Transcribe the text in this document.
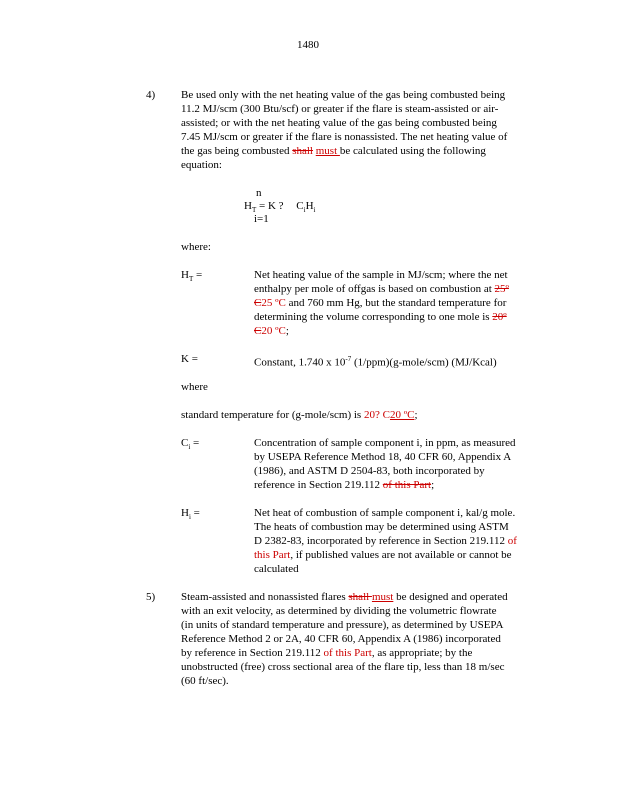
1480
4) Be used only with the net heating value of the gas being combusted being
11.2 MJ/scm (300 Btu/scf) or greater if the flare is steam-assisted or air-
assisted; or with the net heating value of the gas being combusted being
7.45 MJ/scm or greater if the flare is nonassisted. The net heating value of
the gas being combusted shall must be calculated using the following
equation:
n
$H_T = K$ ? $C_iH_i$
i=1
where:
$H_T$ =	Net heating value of the sample in MJ/scm; where the net
enthalpy per mole of offgas is based on combustion at 25º
C25 ºC and 760 mm Hg, but the standard temperature for
determining the volume corresponding to one mole is 20º
C20 ºC;
K =	Constant, 1.740 x $10^{-7}$ (1/ppm)(g-mole/scm) (MJ/Kcal)
where
standard temperature for (g-mole/scm) is 20? C20 ºC;
$C_i$ =	Concentration of sample component i, in ppm, as measured
by USEPA Reference Method 18, 40 CFR 60, Appendix A
(1986), and ASTM D 2504-83, both incorporated by
reference in Section 219.112 of this Part;
$H_i$ =	Net heat of combustion of sample component i, kal/g mole.
The heats of combustion may be determined using ASTM
D 2382-83, incorporated by reference in Section 219.112 of
this Part, if published values are not available or cannot be
calculated
5) Steam-assisted and nonassisted flares shall must be designed and operated
with an exit velocity, as determined by dividing the volumetric flowrate
(in units of standard temperature and pressure), as determined by USEPA
Reference Method 2 or 2A, 40 CFR 60, Appendix A (1986) incorporated
by reference in Section 219.112 of this Part, as appropriate; by the
unobstructed (free) cross sectional area of the flare tip, less than 18 m/sec
(60 ft/sec).
